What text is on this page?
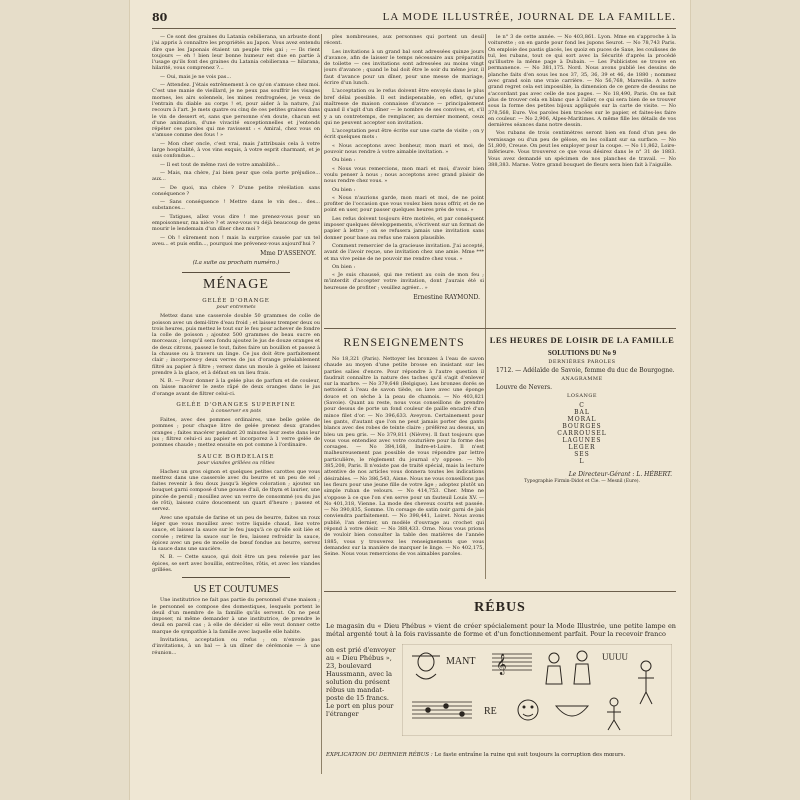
80	LA MODE ILLUSTRÉE, JOURNAL DE LA FAMILLE.

— Ce sont des graines du Latania cebilierana, un arbuste dont j'ai appris à connaître les propriétés au Japon. Vous avez entendu dire que les Japonais étaient un peuple très gai ; — Ils rient toujours — eh ! bien leur bonne humeur est due en partie à l'usage qu'ils font des graines du Latania cebilierana — hilarana, hilarité, vous comprenez ?...

— Oui, mais je ne vois pas...

— Attendez. J'étais extrêmement à ce qu'on s'amuse chez moi. C'est une manie de vieillard, je ne peux pas souffrir les visages mornes, les airs solennels, les mines renfrognées, je veux de l'entrain du diable au corps ! et, pour aider à la nature, j'ai recours à l'art. Je mets quatre ou cinq de ces petites graines dans le vin de dessert et, sans que personne s'en doute, chacun est d'une animation, d'une vivacité exceptionnelles et j'entends répéter ces paroles qui me ravissent : « Amiral, chez vous on s'amuse comme des fous ! »

— Mon cher oncle, c'est vrai, mais j'attribuais cela à votre large hospitalité, à vos vins exquis, à votre esprit charmant, et je suis confondue...

— Il est tout de même ravi de votre amabilité...

— Mais, ma chère, j'ai bien peur que cela porte préjudice... aux...

— De quoi, ma chère ? D'une petite révélation sans conséquence ?

— Sans conséquence ! Mettre dans le vin des... des... substances...

— Tatigues, allez vous dire ! me prenez-vous pour un empoisonneur, ma nièce ? et avez-vous vu déjà beaucoup de gens mourir le lendemain d'un dîner chez moi ?

— Oh ! sûrement non ! mais la surprise causée par un tel aveu... et puis enfin..., pourquoi me prévenez-vous aujourd'hui ?

Mme D'ASSENOY.
(La suite au prochain numéro.)
MÉNAGE
GELÉE D'ORANGE
pour entremets

Mettez dans une casserole double 50 grammes de colle de poisson avec un demi-litre d'eau froid ; et laissez tremper deux ou trois heures, puis mettez le tout sur le feu pour achever de fondre la colle de poisson ; ajoutez 500 grammes de beau sucre en morceaux ; lorsqu'il sera fondu ajoutez le jus de douze oranges et de deux citrons, passez le tout, faites faire un bouillon et passez à la chausse ou à travers un linge. Ce jus doit être parfaitement clair ; incorporez-y deux verres de jus d'orange préalablement filtré au papier à filtre ; versez dans un moule à gelée et laissez prendre à la glace, et à défaut en un lieu frais.

N. B. — Pour donner à la gelée plus de parfum et de couleur, on laisse macérer le zeste râpé de deux oranges dans le jus d'orange avant de filtrer celui-ci.

GELÉE D'ORANGES SUPERFINE
à conserver en pots

Faites, avec des pommes ordinaires, une belle gelée de pommes ; pour chaque litre de gelée prenez deux grandes oranges ; faites macérer pendant 20 minutes leur zeste dans leur jus ; filtrez celui-ci au papier et incorporez à 1 verre gelée de pommes chaude ; mettez ensuite en pot comme à l'ordinaire.

SAUCE BORDELAISE
pour viandes grillées ou rôties

Hachez un gros oignon et quelques petites carottes que vous mettrez dans une casserole avec du beurre et un peu de sel ; faites revenir à feu doux jusqu'à légère coloration ; ajoutez un bouquet garni composé d'une gousse d'ail, de thym et laurier, une pincée de persil ; mouillez avec un verre de consommé (ou du jus de rôti), laissez cuire doucement un quart d'heure ; passez et servez.

Avec une spatule de farine et un peu de beurre, faites un roux léger que vous mouillez avec votre liquide chaud, liez votre sauce, et laissez la sauce sur le feu jusqu'à ce qu'elle soit liée et corsée ; retirez la sauce sur le feu, laissez refroidir la sauce, épicez avec un peu de moelle de bœuf fondue au beurre, servez la sauce dans une saucière.

N. B. — Cette sauce, qui doit être un peu relevée par les épices, se sert avec bouillis, entrecôtes, rôtis, et avec les viandes grillées.

US ET COUTUMES

Une institutrice ne fait pas partie du personnel d'une maison ; le personnel se compose des domestiques, lesquels portent le deuil d'un membre de la famille qu'ils servent. On ne peut imposer, ni même demander à une institutrice, de prendre le deuil en pareil cas ; à elle de décider si elle veut donner cette marque de sympathie à la famille avec laquelle elle habite.

Invitations, acceptation ou refus ; on n'envoie pas d'invitations, à un bal — à un dîner de cérémonie — à une réunion...

ples nombreuses, aux personnes qui portent un deuil récent.

Les invitations à un grand bal sont adressées quinze jours d'avance, afin de laisser le temps nécessaire aux préparatifs de toilette — ces invitations sont adressées au moins vingt jours d'avance ; quand le bal doit être le soir du même jour, il faut d'avance pour un dîner, pour une messe de mariage, écrire d'un lunch.

L'acceptation ou le refus doivent être envoyés dans le plus bref délai possible. Il est indispensable, en effet, qu'une maîtresse de maison connaisse d'avance — principalement quand il s'agit d'un dîner — le nombre de ses convives, et, s'il y a un contretemps, de remplacer, au dernier moment, ceux qui ne peuvent accepter son invitation.

L'acceptation peut être écrite sur une carte de visite ; on y écrit quelques mots :

« Nous acceptons avec bonheur, mon mari et moi, de pouvoir nous rendre à votre aimable invitation. »

Ou bien :

« Nous vous remercions, mon mari et moi, d'avoir bien voulu penser à nous ; nous acceptons avec grand plaisir de nous rendre chez vous. »

Ou bien :

« Nous n'aurions garde, mon mari et moi, de ne point profiter de l'occasion que vous voulez bien nous offrir, et de ne point en user, pour passer quelques heures près de vous. »

Les refus doivent toujours être motivés, et par conséquent imposer quelques développements, s'écrivent sur un format de papier à lettre ; on se refusera jamais une invitation sans donner pour base au refus une raison plausible.

Comment remercier de la gracieuse invitation. J'ai accepté, avant de l'avoir reçue, une invitation chez une amie. Mme *** et ma vive peine de ne pouvoir me rendre chez vous. »

On bien :

« Je suis chaussé, qui me retient au coin de mon feu ; m'interdit d'accepter votre invitation, dont j'aurais été si heureuse de profiter ; veuillez agréer... »

Ernestine RAYMOND.

le n° 3 de cette année. — No 403,861. Lyon. Mme en s'approche à la voiturette ; on en garde pour fond les jupons Seurot. — No 78,743 Paris. On emploie des pastis glacés, les quoiz en puces de Saxe, les coulisses de tul, les rubans, tout ce qui sort avec la Sécurité d'après la procédé qu'illustre la même page à Dubain. — Les Publicistes se trouve en permanence. — No 381,175. Nord. Nous avons publié les dessins de planche faits d'en sous les nos 37, 35, 36, 39 et 46, de 1880 ; nommez avec grand soin une vraie carrière. — No 56,768, Mareville. A notre grand regret cela est impossible, la dimension de ce genre de dessins ne s'accordant pas avec celle de nos pages. — No 18,490, Paris. On se fait plus de trouver cela en blanc que à l'aller, ce qui sera bien de se trouver sous la forme des petites bijoux appliqués sur la carte de visite. — No 378,568, Eure. Vos paroles bien tracées sur le papier, et faites-les faire en couleur. — No 2,906, Alpes-Maritimes. A même fille les détails de vos dernières séances dans notre dessin.

Vos rubans de trois centimètres seront bien en fond d'un peu de vernissage ou d'un peu de gélose, en les collant sur sa surface. — No 51,800, Creuse. On peut les employer pour la coupe. — No 11,862, Loire-Inférieure. Vous trouverez ce que vous désirez dans le n° 31 de 1883. Vous avez demandé un spécimen de nos planches de travail. — No 388,383. Marne. Votre grand bouquet de fleurs sera bien fait à l'aiguille.

RENSEIGNEMENTS

No 18,321 (Paris). Nettoyer les bronzes à l'eau de savon chaude au moyen d'une petite brosse en insistant sur les parties salies d'encre. Pour répondre à l'autre question il faudrait connaître la nature des taches qu'il s'agit d'enlever sur la marbre. — No 379,648 (Belgique). Les bronzes dorés se nettoient à l'eau de savon tiède, on lave avec une éponge douce et on sèche à la peau de chamois. — No 403,821 (Savoie). Quant au reste, nous vous conseillons de prendre pour dessus de porte un fond couleur de paille encadré d'un mince filet d'or. — No 396,633. Aveyron. Certainement pour les gants, d'autant que l'on ne peut jamais porter des gants blancs avec des robes de teinte claire ; préférez au dessus, un bleu un peu gris. — No 379,811 (Nièvre). Il faut toujours que vous vous entendiez avec votre couturière pour la forme des corsages. — No 384,168, Indre-et-Loire. Il n'est malheureusement pas possible de vous répondre par lettre particulière, le règlement du journal s'y oppose. — No 385,208, Paris. Il n'existe pas de traité spécial, mais la lecture attentive de nos articles vous donnera toutes les indications désirables. — No 386,543, Aisne. Nous ne vous conseillons pas les fleurs pour une jeune fille de votre âge ; adoptez plutôt un simple ruban de velours. — No 414,753. Cher. Mme ne s'oppose à ce que l'on s'en serve pour un fauteuil Louis XV. — No 401,318, Vienne. La mode des cheveux courts est passée. — No 390,835, Somme. Un corsage de satin noir garni de jais conviendra parfaitement. — No 398,441, Loiret. Nous avons publié, l'an dernier, un modèle d'ouvrage au crochet qui répond à votre désir. — No 388,433. Orne. Nous vous prions de vouloir bien consulter la table des matières de l'année 1885, vous y trouverez les renseignements que vous demandez sur la manière de marquer le linge. — No 402,175, Seine. Nous vous remercions de vos aimables paroles.

LES HEURES DE LOISIR DE LA FAMILLE
SOLUTIONS DU No 9
DERNIÈRES PAROLES
1712. — Adélaïde de Savoie, femme du duc de Bourgogne.
ANAGRAMME
Louvre de Nevers.
LOSANGE
C
BAL
MORAL
BOURGES
CARROUSEL
LAGUNES
LEGER
SES
L
Le Directeur-Gérant : L. HÉBERT.
Typographie Firmin-Didot et Cie. — Mesnil (Eure).
RÉBUS
Le magasin du « Dieu Phébus » vient de créer spécialement pour la Mode Illustrée, une petite lampe en métal argenté tout à la fois ravissante de forme et d'un fonctionnement parfait. Pour la recevoir franco
on est prié d'envoyer au « Dieu Phébus », 23, boulevard Haussmann, avec la solution du présent rébus un mandat-poste de 15 francs. Le port en plus pour l'étranger
MANT 𝄞	UUUU
RE
EXPLICATION DU DERNIER RÉBUS : Le faste entraîne la ruine qui suit toujours la corruption des mœurs.
